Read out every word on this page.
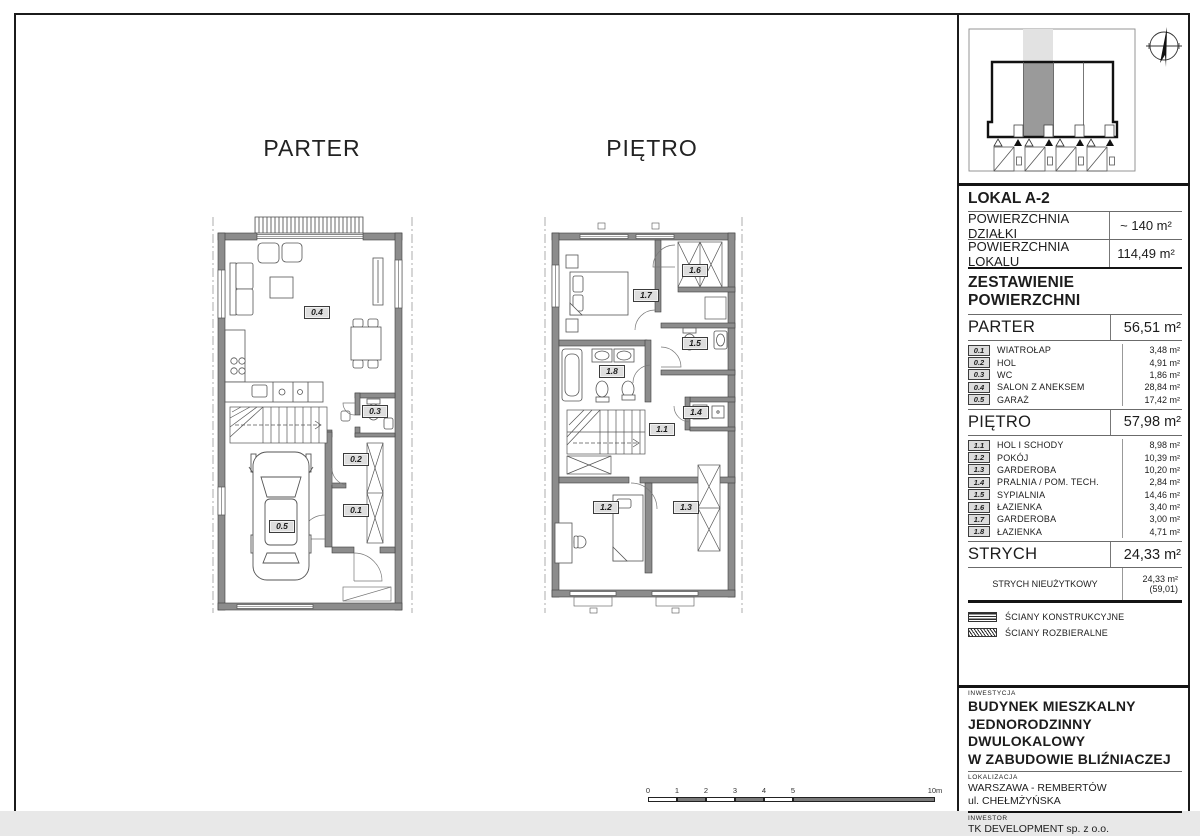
PARTER	PIĘTRO
0.4
0.3
0.2
0.1
0.5
1.7
1.6
1.5
1.8
1.4
1.1
1.2	1.3
LOKAL A-2
POWIERZCHNIA DZIAŁKI	~ 140 m²
POWIERZCHNIA LOKALU	114,49 m²
ZESTAWIENIE POWIERZCHNI
PARTER	56,51 m²
0.1	WIATROŁAP	3,48 m²
0.2	HOL	4,91 m²
0.3	WC	1,86 m²
0.4	SALON Z ANEKSEM	28,84 m²
0.5	GARAŻ	17,42 m²
PIĘTRO	57,98 m²
1.1	HOL I SCHODY	8,98 m²
1.2	POKÓJ	10,39 m²
1.3	GARDEROBA	10,20 m²
1.4	PRALNIA / POM. TECH.	2,84 m²
1.5	SYPIALNIA	14,46 m²
1.6	ŁAZIENKA	3,40 m²
1.7	GARDEROBA	3,00 m²
1.8	ŁAZIENKA	4,71 m²
STRYCH	24,33 m²
STRYCH NIEUŻYTKOWY	24,33 m²
(59,01)
ŚCIANY KONSTRUKCYJNE
ŚCIANY ROZBIERALNE
INWESTYCJA
BUDYNEK MIESZKALNY
JEDNORODZINNY DWULOKALOWY
W ZABUDOWIE BLIŹNIACZEJ
LOKALIZACJA
WARSZAWA - REMBERTÓW
ul. CHEŁMŻYŃSKA
INWESTOR
TK DEVELOPMENT sp. z o.o.
0	1	2	3	4	5	10m
